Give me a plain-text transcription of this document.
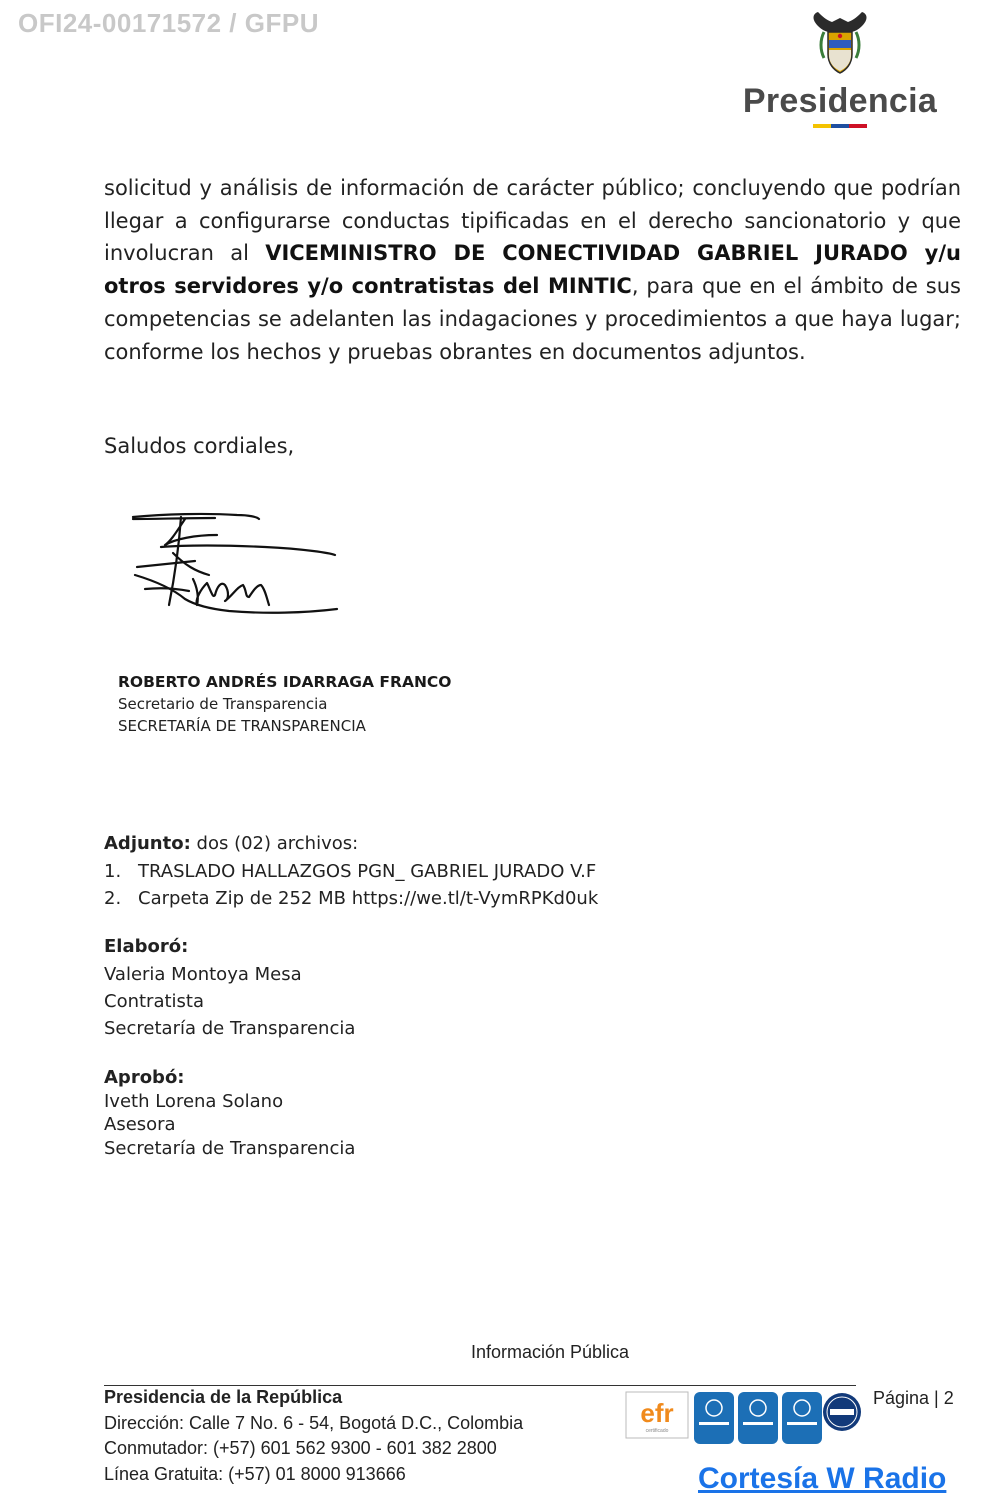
OFI24-00171572 / GFPU
Presidencia
solicitud y análisis de información de carácter público; concluyendo que podrían llegar a configurarse conductas tipificadas en el derecho sancionatorio y que involucran al VICEMINISTRO DE CONECTIVIDAD GABRIEL JURADO y/u otros servidores y/o contratistas del MINTIC, para que en el ámbito de sus competencias se adelanten las indagaciones y procedimientos a que haya lugar; conforme los hechos y pruebas obrantes en documentos adjuntos.
Saludos cordiales,
ROBERTO ANDRÉS IDARRAGA FRANCO
Secretario de Transparencia
SECRETARÍA DE TRANSPARENCIA
Adjunto: dos (02) archivos:
1. TRASLADO HALLAZGOS PGN_ GABRIEL JURADO V.F
2. Carpeta Zip de 252 MB https://we.tl/t-VymRPKd0uk
Elaboró:
Valeria Montoya Mesa
Contratista
Secretaría de Transparencia
Aprobó:
Iveth Lorena Solano
Asesora
Secretaría de Transparencia
Información Pública
Presidencia de la República
Dirección: Calle 7 No. 6 - 54, Bogotá D.C., Colombia
Conmutador: (+57) 601 562 9300 - 601 382 2800
Línea Gratuita: (+57) 01 8000 913666
Página | 2
efr
certificado
Cortesía W Radio
